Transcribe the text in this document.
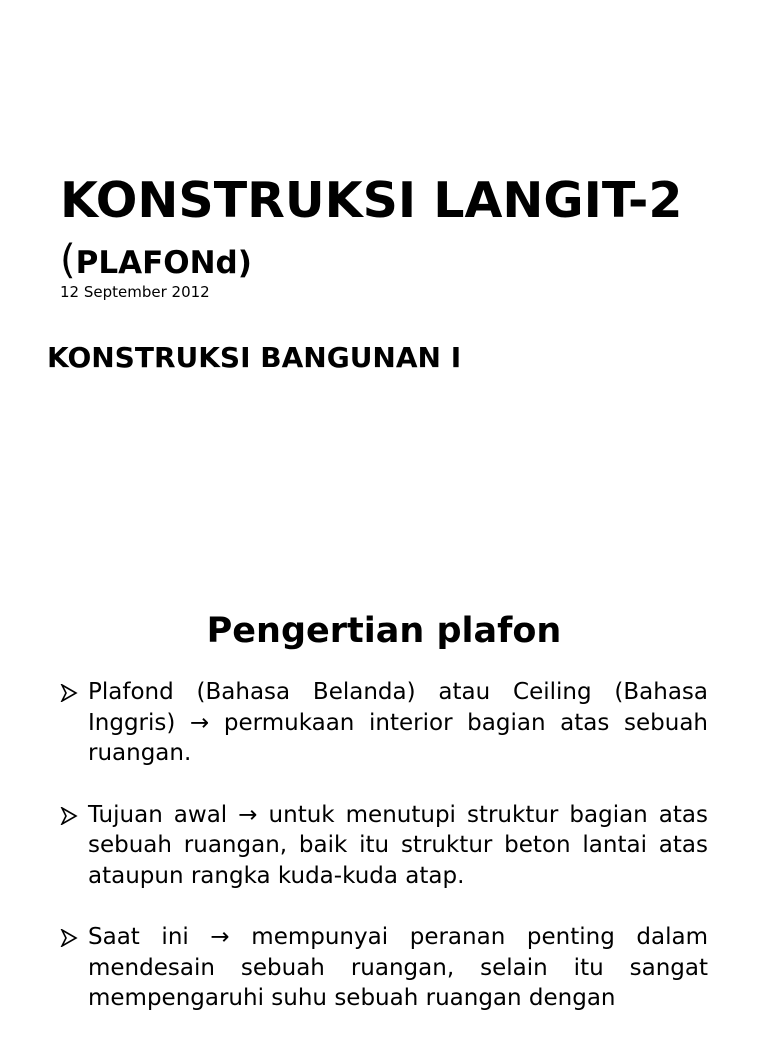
KONSTRUKSI LANGIT-2
(PLAFONd)
12 September 2012
KONSTRUKSI BANGUNAN I
Pengertian plafon
Plafond (Bahasa Belanda) atau Ceiling (Bahasa Inggris) → permukaan interior bagian atas sebuah ruangan.
Tujuan awal → untuk menutupi struktur bagian atas sebuah ruangan, baik itu struktur beton lantai atas ataupun rangka kuda-kuda atap.
Saat ini → mempunyai peranan penting dalam mendesain sebuah ruangan, selain itu sangat mempengaruhi suhu sebuah ruangan dengan
